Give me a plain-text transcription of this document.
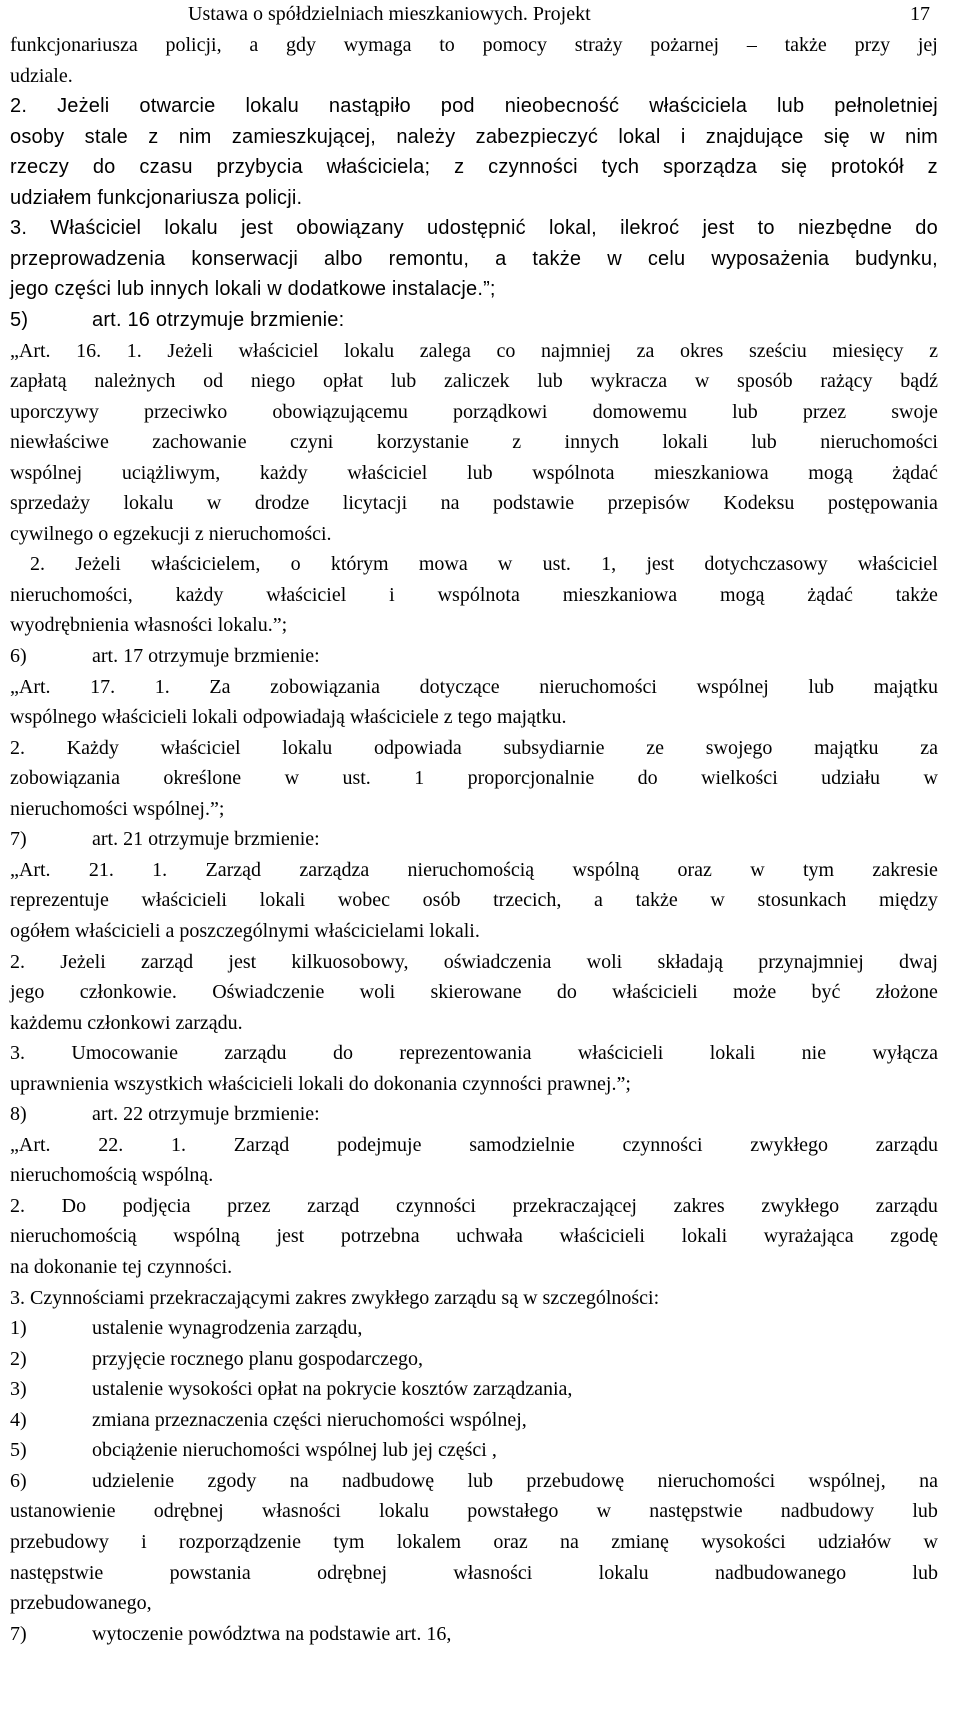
Ustawa o spółdzielniach mieszkaniowych. Projekt	17
funkcjonariusza policji, a gdy wymaga to pomocy straży pożarnej – także przy jej
udziale.
2. Jeżeli otwarcie lokalu nastąpiło pod nieobecność właściciela lub pełnoletniej
osoby stale z nim zamieszkującej, należy zabezpieczyć lokal i znajdujące się w nim
rzeczy do czasu przybycia właściciela; z czynności tych sporządza się protokół z
udziałem funkcjonariusza policji.
3. Właściciel lokalu jest obowiązany udostępnić lokal, ilekroć jest to niezbędne do
przeprowadzenia konserwacji albo remontu, a także w celu wyposażenia budynku,
jego części lub innych lokali w dodatkowe instalacje.”;
5)	art. 16 otrzymuje brzmienie:
„Art. 16. 1. Jeżeli właściciel lokalu zalega co najmniej za okres sześciu miesięcy z
zapłatą należnych od niego opłat lub zaliczek lub wykracza w sposób rażący bądź
uporczywy przeciwko obowiązującemu porządkowi domowemu lub przez swoje
niewłaściwe zachowanie czyni korzystanie z innych lokali lub nieruchomości
wspólnej uciążliwym, każdy właściciel lub wspólnota mieszkaniowa mogą żądać
sprzedaży lokalu w drodze licytacji na podstawie przepisów Kodeksu postępowania
cywilnego o egzekucji z nieruchomości.
2. Jeżeli właścicielem, o którym mowa w ust. 1, jest dotychczasowy właściciel
nieruchomości, każdy właściciel i wspólnota mieszkaniowa mogą żądać także
wyodrębnienia własności lokalu.”;
6)	art. 17 otrzymuje brzmienie:
„Art. 17. 1. Za zobowiązania dotyczące nieruchomości wspólnej lub majątku
wspólnego właścicieli lokali odpowiadają właściciele z tego majątku.
2. Każdy właściciel lokalu odpowiada subsydiarnie ze swojego majątku za
zobowiązania określone w ust. 1 proporcjonalnie do wielkości udziału w
nieruchomości wspólnej.”;
7)	art. 21 otrzymuje brzmienie:
„Art. 21. 1. Zarząd zarządza nieruchomością wspólną oraz w tym zakresie
reprezentuje właścicieli lokali wobec osób trzecich, a także w stosunkach między
ogółem właścicieli a poszczególnymi właścicielami lokali.
2. Jeżeli zarząd jest kilkuosobowy, oświadczenia woli składają przynajmniej dwaj
jego członkowie. Oświadczenie woli skierowane do właścicieli może być złożone
każdemu członkowi zarządu.
3. Umocowanie zarządu do reprezentowania właścicieli lokali nie wyłącza
uprawnienia wszystkich właścicieli lokali do dokonania czynności prawnej.”;
8)	art. 22 otrzymuje brzmienie:
„Art. 22. 1. Zarząd podejmuje samodzielnie czynności zwykłego zarządu
nieruchomością wspólną.
2. Do podjęcia przez zarząd czynności przekraczającej zakres zwykłego zarządu
nieruchomością wspólną jest potrzebna uchwała właścicieli lokali wyrażająca zgodę
na dokonanie tej czynności.
3. Czynnościami przekraczającymi zakres zwykłego zarządu są w szczególności:
1)	ustalenie wynagrodzenia zarządu,
2)	przyjęcie rocznego planu gospodarczego,
3)	ustalenie wysokości opłat na pokrycie kosztów zarządzania,
4)	zmiana przeznaczenia części nieruchomości wspólnej,
5)	obciążenie nieruchomości wspólnej lub jej części ,
6)	udzielenie zgody na nadbudowę lub przebudowę nieruchomości wspólnej, na
ustanowienie odrębnej własności lokalu powstałego w następstwie nadbudowy lub
przebudowy i rozporządzenie tym lokalem oraz na zmianę wysokości udziałów w
następstwie	powstania	odrębnej	własności	lokalu	nadbudowanego	lub
przebudowanego,
7)	wytoczenie powództwa na podstawie art. 16,
